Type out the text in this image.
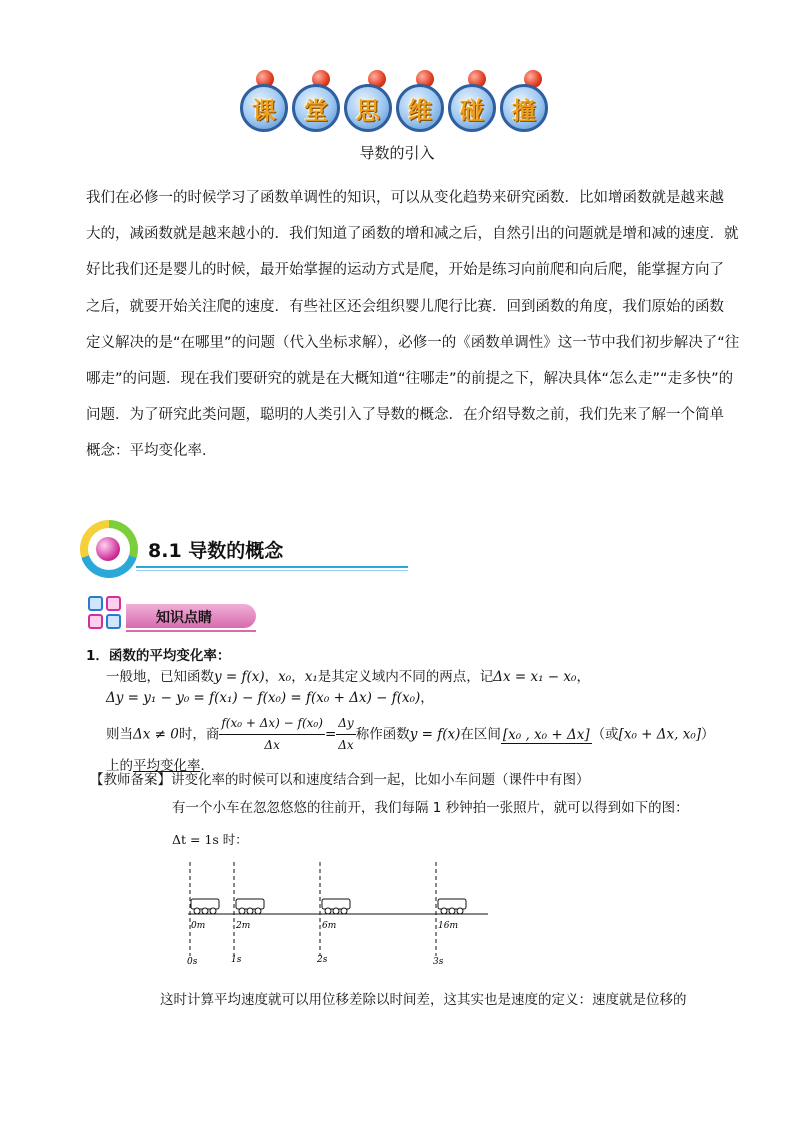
课	堂	思	维	碰	撞
导数的引入
我们在必修一的时候学习了函数单调性的知识，可以从变化趋势来研究函数．比如增函数就是越来越
大的，减函数就是越来越小的．我们知道了函数的增和减之后，自然引出的问题就是增和减的速度．就
好比我们还是婴儿的时候，最开始掌握的运动方式是爬，开始是练习向前爬和向后爬，能掌握方向了
之后，就要开始关注爬的速度．有些社区还会组织婴儿爬行比赛．回到函数的角度，我们原始的函数
定义解决的是“在哪里”的问题（代入坐标求解），必修一的《函数单调性》这一节中我们初步解决了“往
哪走”的问题．现在我们要研究的就是在大概知道“往哪走”的前提之下，解决具体“怎么走”“走多快”的
问题．为了研究此类问题，聪明的人类引入了导数的概念．在介绍导数之前，我们先来了解一个简单
概念：平均变化率．
8.1 导数的概念
知识点睛
1．函数的平均变化率：
一般地，已知函数y = f(x)，x₀，x₁是其定义域内不同的两点，记Δx = x₁ − x₀，
Δy = y₁ − y₀ = f(x₁) − f(x₀) = f(x₀ + Δx) − f(x₀)，
则当Δx ≠ 0时，商 $\frac{\text{f(x₀ + Δx) − f(x₀)}}{\Delta x} = \frac{\Delta y}{\Delta x}$ 称作函数y = f(x)在区间 [x₀ , x₀ + Δx] （或[x₀ + Δx, x₀]）
上的平均变化率．
【教师备案】讲变化率的时候可以和速度结合到一起，比如小车问题（课件中有图）
有一个小车在忽忽悠悠的往前开，我们每隔 1 秒钟拍一张照片，就可以得到如下的图：
Δt = 1s 时：
0m	2m	6m	16m
0s	1s	2s	3s
这时计算平均速度就可以用位移差除以时间差，这其实也是速度的定义：速度就是位移的
